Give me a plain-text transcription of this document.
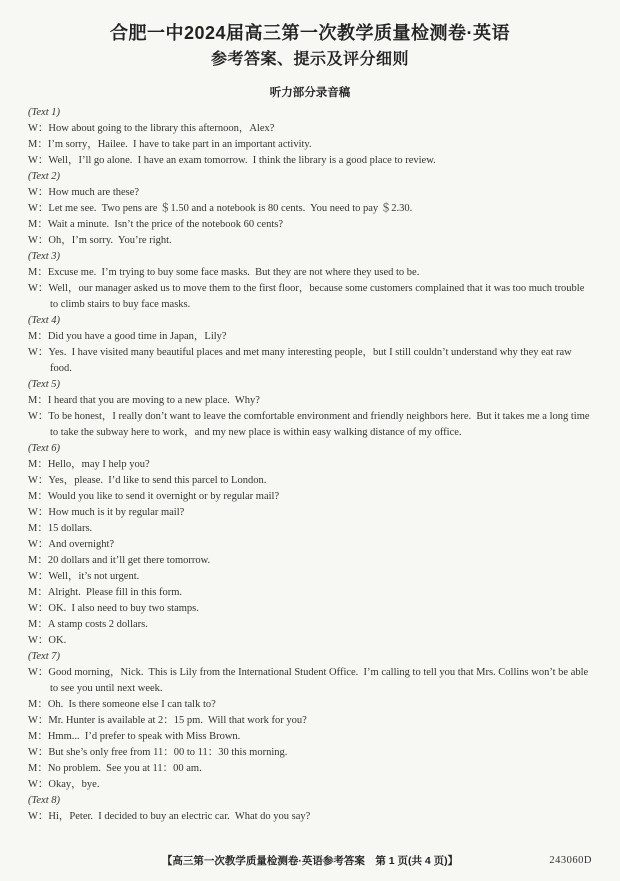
合肥一中2024届高三第一次教学质量检测卷·英语
参考答案、提示及评分细则
听力部分录音稿
(Text 1)
W：How about going to the library this afternoon，Alex?
M：I’m sorry，Hailee.  I have to take part in an important activity.
W：Well，I’ll go alone.  I have an exam tomorrow.  I think the library is a good place to review.
(Text 2)
W：How much are these?
W：Let me see.  Two pens are ＄1.50 and a notebook is 80 cents.  You need to pay ＄2.30.
M：Wait a minute.  Isn’t the price of the notebook 60 cents?
W：Oh，I’m sorry.  You’re right.
(Text 3)
M：Excuse me.  I’m trying to buy some face masks.  But they are not where they used to be.
W：Well，our manager asked us to move them to the first floor，because some customers complained that it was too much trouble to climb stairs to buy face masks.
(Text 4)
M：Did you have a good time in Japan，Lily?
W：Yes.  I have visited many beautiful places and met many interesting people，but I still couldn’t understand why they eat raw food.
(Text 5)
M：I heard that you are moving to a new place.  Why?
W：To be honest，I really don’t want to leave the comfortable environment and friendly neighbors here.  But it takes me a long time to take the subway here to work，and my new place is within easy walking distance of my office.
(Text 6)
M：Hello，may I help you?
W：Yes，please.  I’d like to send this parcel to London.
M：Would you like to send it overnight or by regular mail?
W：How much is it by regular mail?
M：15 dollars.
W：And overnight?
M：20 dollars and it’ll get there tomorrow.
W：Well，it’s not urgent.
M：Alright.  Please fill in this form.
W：OK.  I also need to buy two stamps.
M：A stamp costs 2 dollars.
W：OK.
(Text 7)
W：Good morning，Nick.  This is Lily from the International Student Office.  I’m calling to tell you that Mrs. Collins won’t be able to see you until next week.
M：Oh.  Is there someone else I can talk to?
W：Mr. Hunter is available at 2：15 pm.  Will that work for you?
M：Hmm...  I’d prefer to speak with Miss Brown.
W：But she’s only free from 11：00 to 11：30 this morning.
M：No problem.  See you at 11：00 am.
W：Okay，bye.
(Text 8)
W：Hi，Peter.  I decided to buy an electric car.  What do you say?
【高三第一次教学质量检测卷·英语参考答案　第 1 页(共 4 页)】	243060D
